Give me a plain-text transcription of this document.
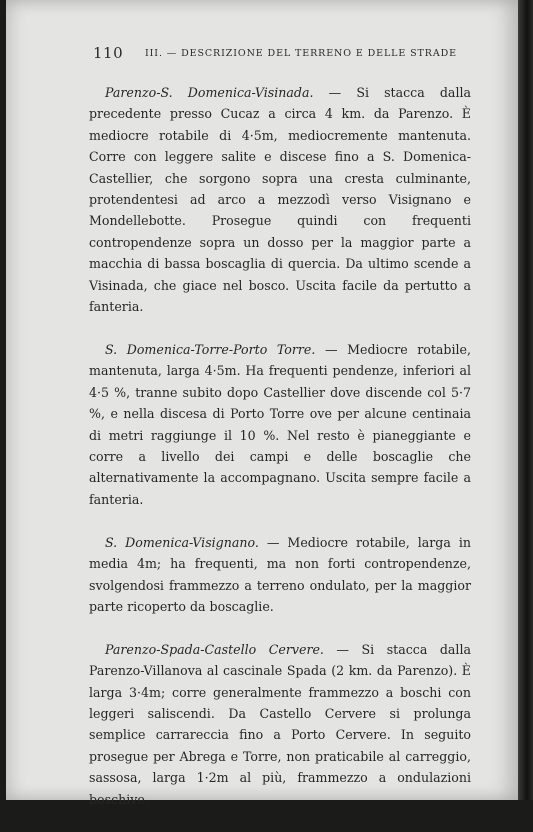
110 III. — DESCRIZIONE DEL TERRENO E DELLE STRADE

Parenzo-S. Domenica-Visinada. — Si stacca dalla precedente presso Cucaz a circa 4 km. da Parenzo. È mediocre rotabile di 4·5m, mediocremente mantenuta. Corre con leggere salite e discese fino a S. Domenica-Castellier, che sorgono sopra una cresta culminante, protendentesi ad arco a mezzodì verso Visignano e Mondellebotte. Prosegue quindi con frequenti contropendenze sopra un dosso per la maggior parte a macchia di bassa boscaglia di quercia. Da ultimo scende a Visinada, che giace nel bosco. Uscita facile da pertutto a fanteria.

S. Domenica-Torre-Porto Torre. — Mediocre rotabile, mantenuta, larga 4·5m. Ha frequenti pendenze, inferiori al 4·5 %, tranne subito dopo Castellier dove discende col 5·7 %, e nella discesa di Porto Torre ove per alcune centinaia di metri raggiunge il 10 %. Nel resto è pianeggiante e corre a livello dei campi e delle boscaglie che alternativamente la accompagnano. Uscita sempre facile a fanteria.

S. Domenica-Visignano. — Mediocre rotabile, larga in media 4m; ha frequenti, ma non forti contropendenze, svolgendosi frammezzo a terreno ondulato, per la maggior parte ricoperto da boscaglie.

Parenzo-Spada-Castello Cervere. — Si stacca dalla Parenzo-Villanova al cascinale Spada (2 km. da Parenzo). È larga 3·4m; corre generalmente frammezzo a boschi con leggeri saliscendi. Da Castello Cervere si prolunga semplice carrareccia fino a Porto Cervere. In seguito prosegue per Abrega e Torre, non praticabile al carreggio, sassosa, larga 1·2m al più, frammezzo a ondulazioni boschive.
